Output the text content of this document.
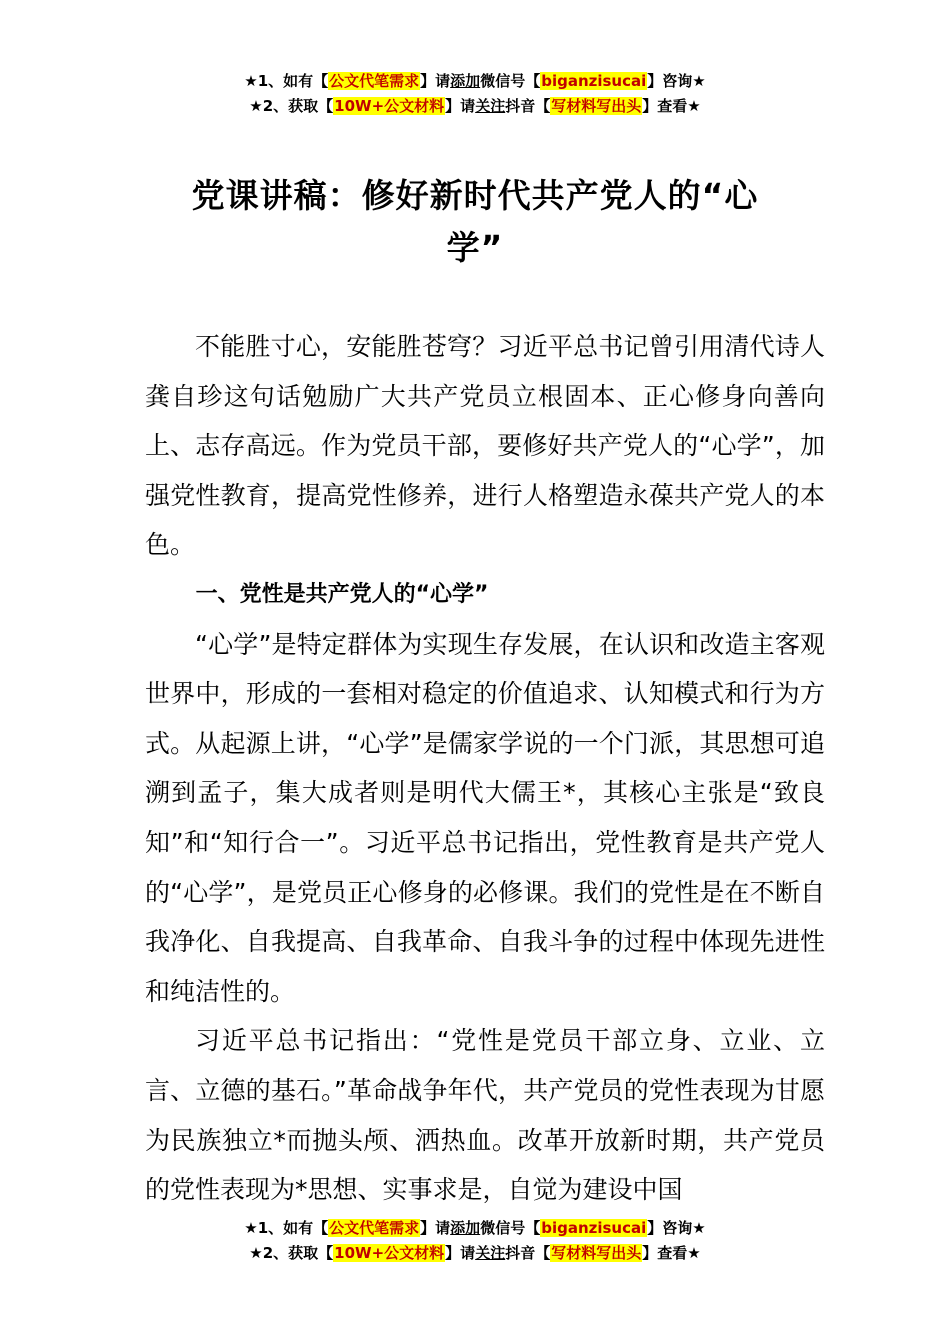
★1、如有【公文代笔需求】请添加微信号【biganzisucai】咨询★
★2、获取【10W+公文材料】请关注抖音【写材料写出头】查看★
党课讲稿：修好新时代共产党人的“心
学”

不能胜寸心，安能胜苍穹？习近平总书记曾引用清代诗人龚自珍这句话勉励广大共产党员立根固本、正心修身向善向上、志存高远。作为党员干部，要修好共产党人的“心学”，加强党性教育，提高党性修养，进行人格塑造永葆共产党人的本色。

一、党性是共产党人的“心学”

“心学”是特定群体为实现生存发展，在认识和改造主客观世界中，形成的一套相对稳定的价值追求、认知模式和行为方式。从起源上讲，“心学”是儒家学说的一个门派，其思想可追溯到孟子，集大成者则是明代大儒王*，其核心主张是“致良知”和“知行合一”。习近平总书记指出，党性教育是共产党人的“心学”，是党员正心修身的必修课。我们的党性是在不断自我净化、自我提高、自我革命、自我斗争的过程中体现先进性和纯洁性的。

习近平总书记指出：“党性是党员干部立身、立业、立言、立德的基石。”革命战争年代，共产党员的党性表现为甘愿为民族独立*而抛头颅、洒热血。改革开放新时期，共产党员的党性表现为*思想、实事求是，自觉为建设中国

★1、如有【公文代笔需求】请添加微信号【biganzisucai】咨询★
★2、获取【10W+公文材料】请关注抖音【写材料写出头】查看★
